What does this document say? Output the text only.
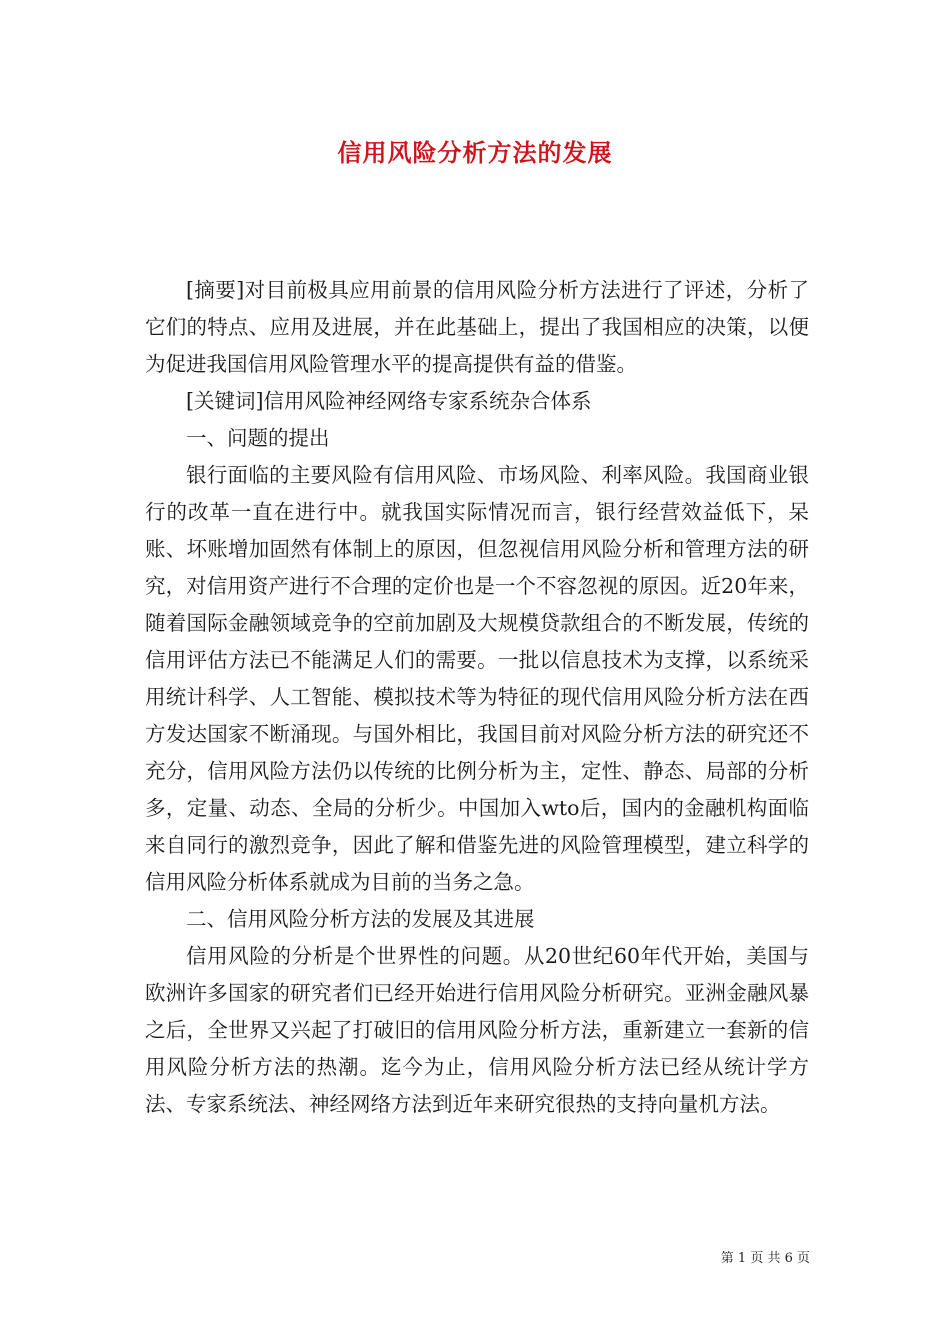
信用风险分析方法的发展

[摘要]对目前极具应用前景的信用风险分析方法进行了评述，分析了它们的特点、应用及进展，并在此基础上，提出了我国相应的决策，以便为促进我国信用风险管理水平的提高提供有益的借鉴。

[关键词]信用风险神经网络专家系统杂合体系

一、问题的提出

银行面临的主要风险有信用风险、市场风险、利率风险。我国商业银行的改革一直在进行中。就我国实际情况而言，银行经营效益低下，呆账、坏账增加固然有体制上的原因，但忽视信用风险分析和管理方法的研究，对信用资产进行不合理的定价也是一个不容忽视的原因。近20年来，随着国际金融领域竞争的空前加剧及大规模贷款组合的不断发展，传统的信用评估方法已不能满足人们的需要。一批以信息技术为支撑，以系统采用统计科学、人工智能、模拟技术等为特征的现代信用风险分析方法在西方发达国家不断涌现。与国外相比，我国目前对风险分析方法的研究还不充分，信用风险方法仍以传统的比例分析为主，定性、静态、局部的分析多，定量、动态、全局的分析少。中国加入wto后，国内的金融机构面临来自同行的激烈竞争，因此了解和借鉴先进的风险管理模型，建立科学的信用风险分析体系就成为目前的当务之急。

二、信用风险分析方法的发展及其进展

信用风险的分析是个世界性的问题。从20世纪60年代开始，美国与欧洲许多国家的研究者们已经开始进行信用风险分析研究。亚洲金融风暴之后，全世界又兴起了打破旧的信用风险分析方法，重新建立一套新的信用风险分析方法的热潮。迄今为止，信用风险分析方法已经从统计学方法、专家系统法、神经网络方法到近年来研究很热的支持向量机方法。

第 1 页 共 6 页
